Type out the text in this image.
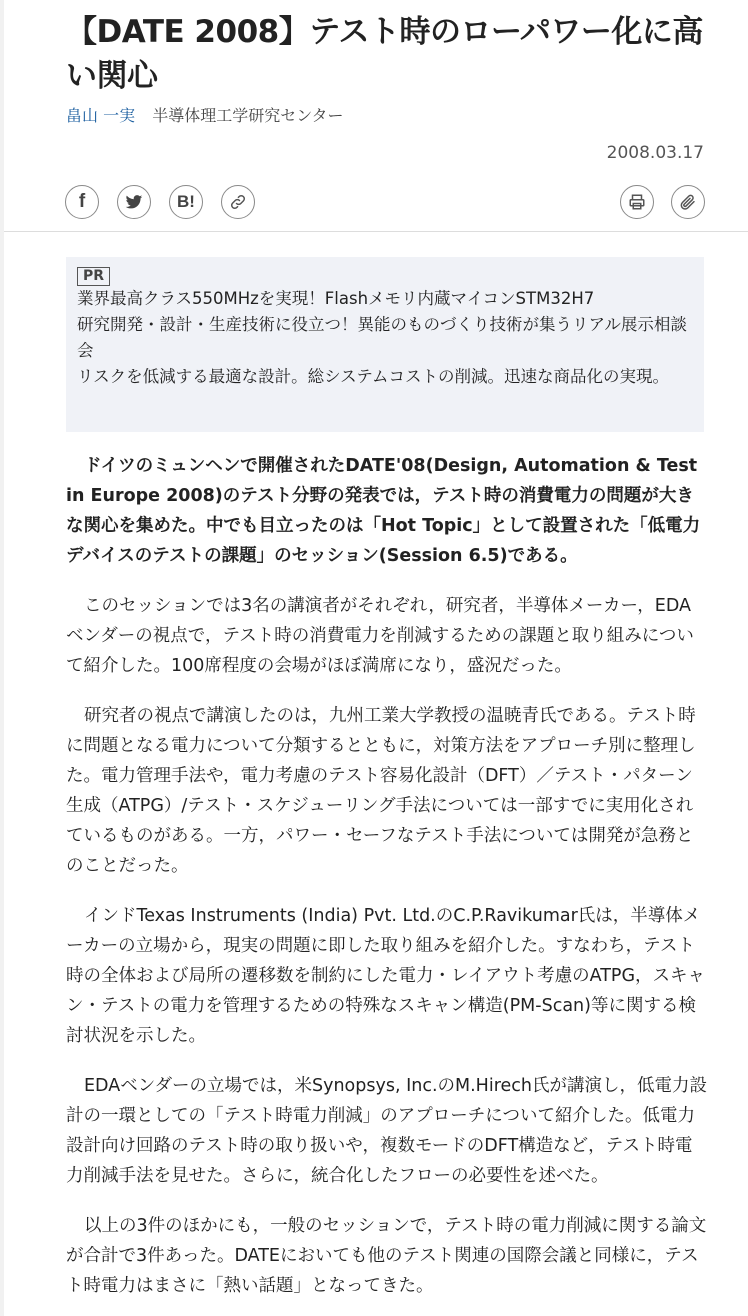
【DATE 2008】テスト時のローパワー化に高い関心
畠山 一実 半導体理工学研究センター
2008.03.17
f	B!
PR
業界最高クラス550MHzを実現！Flashメモリ内蔵マイコンSTM32H7
研究開発・設計・生産技術に役立つ！異能のものづくり技術が集うリアル展示相談会
リスクを低減する最適な設計。総システムコストの削減。迅速な商品化の実現。

ドイツのミュンヘンで開催されたDATE'08(Design, Automation & Test in Europe 2008)のテスト分野の発表では，テスト時の消費電力の問題が大きな関心を集めた。中でも目立ったのは「Hot Topic」として設置された「低電力デバイスのテストの課題」のセッション(Session 6.5)である。

このセッションでは3名の講演者がそれぞれ，研究者，半導体メーカー，EDAベンダーの視点で，テスト時の消費電力を削減するための課題と取り組みについて紹介した。100席程度の会場がほぼ満席になり，盛況だった。

研究者の視点で講演したのは，九州工業大学教授の温暁青氏である。テスト時に問題となる電力について分類するとともに，対策方法をアプローチ別に整理した。電力管理手法や，電力考慮のテスト容易化設計（DFT）／テスト・パターン生成（ATPG）/テスト・スケジューリング手法については一部すでに実用化されているものがある。一方，パワー・セーフなテスト手法については開発が急務とのことだった。

インドTexas Instruments (India) Pvt. Ltd.のC.P.Ravikumar氏は，半導体メーカーの立場から，現実の問題に即した取り組みを紹介した。すなわち，テスト時の全体および局所の遷移数を制約にした電力・レイアウト考慮のATPG，スキャン・テストの電力を管理するための特殊なスキャン構造(PM-Scan)等に関する検討状況を示した。

EDAベンダーの立場では，米Synopsys, Inc.のM.Hirech氏が講演し，低電力設計の一環としての「テスト時電力削減」のアプローチについて紹介した。低電力設計向け回路のテスト時の取り扱いや，複数モードのDFT構造など，テスト時電力削減手法を見せた。さらに，統合化したフローの必要性を述べた。

以上の3件のほかにも，一般のセッションで，テスト時の電力削減に関する論文が合計で3件あった。DATEにおいても他のテスト関連の国際会議と同様に，テスト時電力はまさに「熱い話題」となってきた。
